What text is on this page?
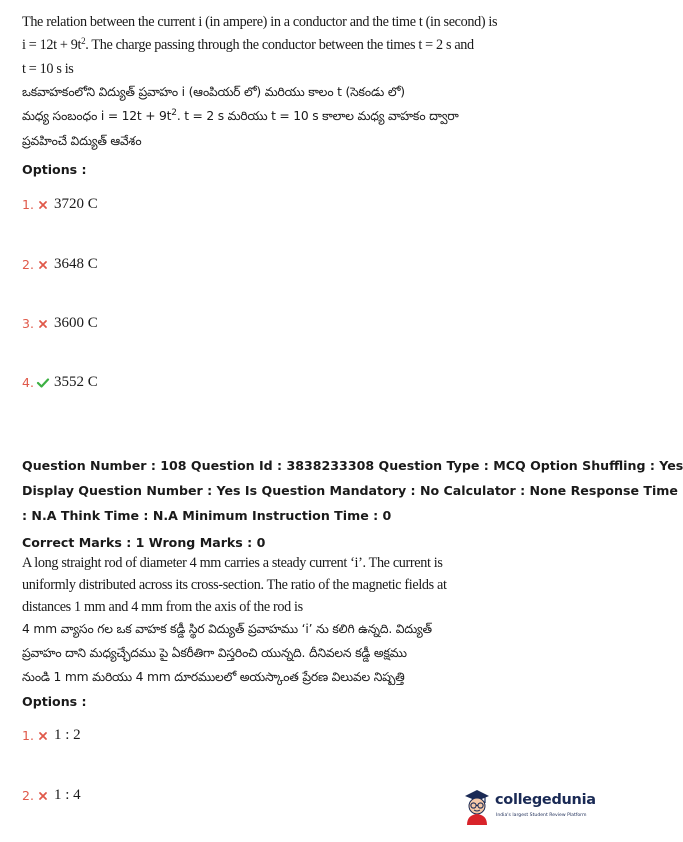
The relation between the current i (in ampere) in a conductor and the time t (in second) is
$i = 12t + 9t^2$. The charge passing through the conductor between the times t = 2 s and
t = 10 s is
ఒకవాహకంలోని విద్యుత్ ప్రవాహం i (ఆంపియర్ లో) మరియు కాలం t (సెకండు లో)
మధ్య సంబంధం $i = 12t + 9t^2$. t = 2 s మరియు t = 10 s కాలాల మధ్య వాహకం ద్వారా
ప్రవహించే విద్యుత్ ఆవేశం
Options :
1. 3720 C
2. 3648 C
3. 3600 C
4. 3552 C
Question Number : 108 Question Id : 3838233308 Question Type : MCQ Option Shuffling : Yes
Display Question Number : Yes Is Question Mandatory : No Calculator : None Response Time
: N.A Think Time : N.A Minimum Instruction Time : 0
Correct Marks : 1 Wrong Marks : 0
A long straight rod of diameter 4 mm carries a steady current ‘i’. The current is
uniformly distributed across its cross-section. The ratio of the magnetic fields at
distances 1 mm and 4 mm from the axis of the rod is
4 mm వ్యాసం గల ఒక వాహక కడ్డీ స్థిర విద్యుత్ ప్రవాహము ‘i’ ను కలిగి ఉన్నది. విద్యుత్
ప్రవాహం దాని మధ్యచ్ఛేదము పై ఏకరీతిగా విస్తరించి యున్నది. దీనివలన కడ్డీ అక్షము
నుండి 1 mm మరియు 4 mm దూరములలో అయస్కాంత ప్రేరణ విలువల నిష్పత్తి
Options :
1. 1 : 2
2. 1 : 4	collegedunia
India's largest Student Review Platform
